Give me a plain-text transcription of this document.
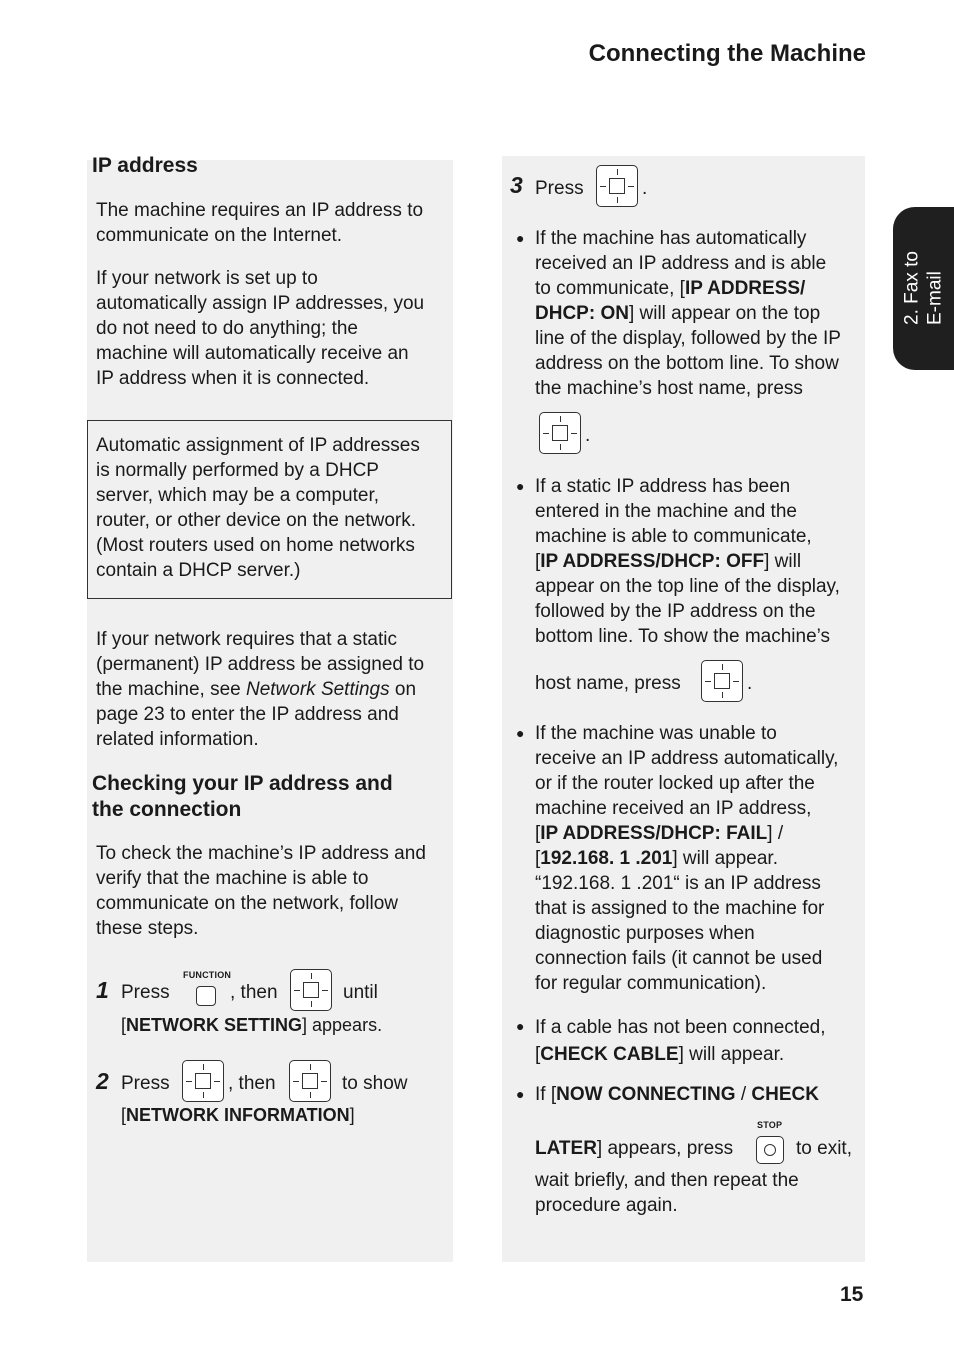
Connecting the Machine
2. Fax to E-mail
IP address
The machine requires an IP address to
communicate on the Internet.
If your network is set up to
automatically assign IP addresses, you
do not need to do anything; the
machine will automatically receive an
IP address when it is connected.
Automatic assignment of IP addresses
is normally performed by a DHCP
server, which may be a computer,
router, or other device on the network.
(Most routers used on home networks
contain a DHCP server.)
If your network requires that a static
(permanent) IP address be assigned to
the machine, see Network Settings on
page 23 to enter the IP address and
related information.
Checking your IP address and
the connection
To check the machine’s IP address and
verify that the machine is able to
communicate on the network, follow
these steps.
1 Press
FUNCTION
, then	until
[NETWORK SETTING] appears.
2 Press	, then	to show
[NETWORK INFORMATION]
3 Press	.
● If the machine has automatically
received an IP address and is able
to communicate, [IP ADDRESS/
DHCP: ON] will appear on the top
line of the display, followed by the IP
address on the bottom line. To show
the machine’s host name, press
.
● If a static IP address has been
entered in the machine and the
machine is able to communicate,
[IP ADDRESS/DHCP: OFF] will
appear on the top line of the display,
followed by the IP address on the
bottom line. To show the machine’s
host name, press	.
● If the machine was unable to
receive an IP address automatically,
or if the router locked up after the
machine received an IP address,
[IP ADDRESS/DHCP: FAIL] /
[192.168. 1 .201] will appear.
“192.168. 1 .201“ is an IP address
that is assigned to the machine for
diagnostic purposes when
connection fails (it cannot be used
for regular communication).
● If a cable has not been connected,
[CHECK CABLE] will appear.
● If [NOW CONNECTING / CHECK
LATER] appears, press
STOP
to exit,
wait briefly, and then repeat the
procedure again.
15
